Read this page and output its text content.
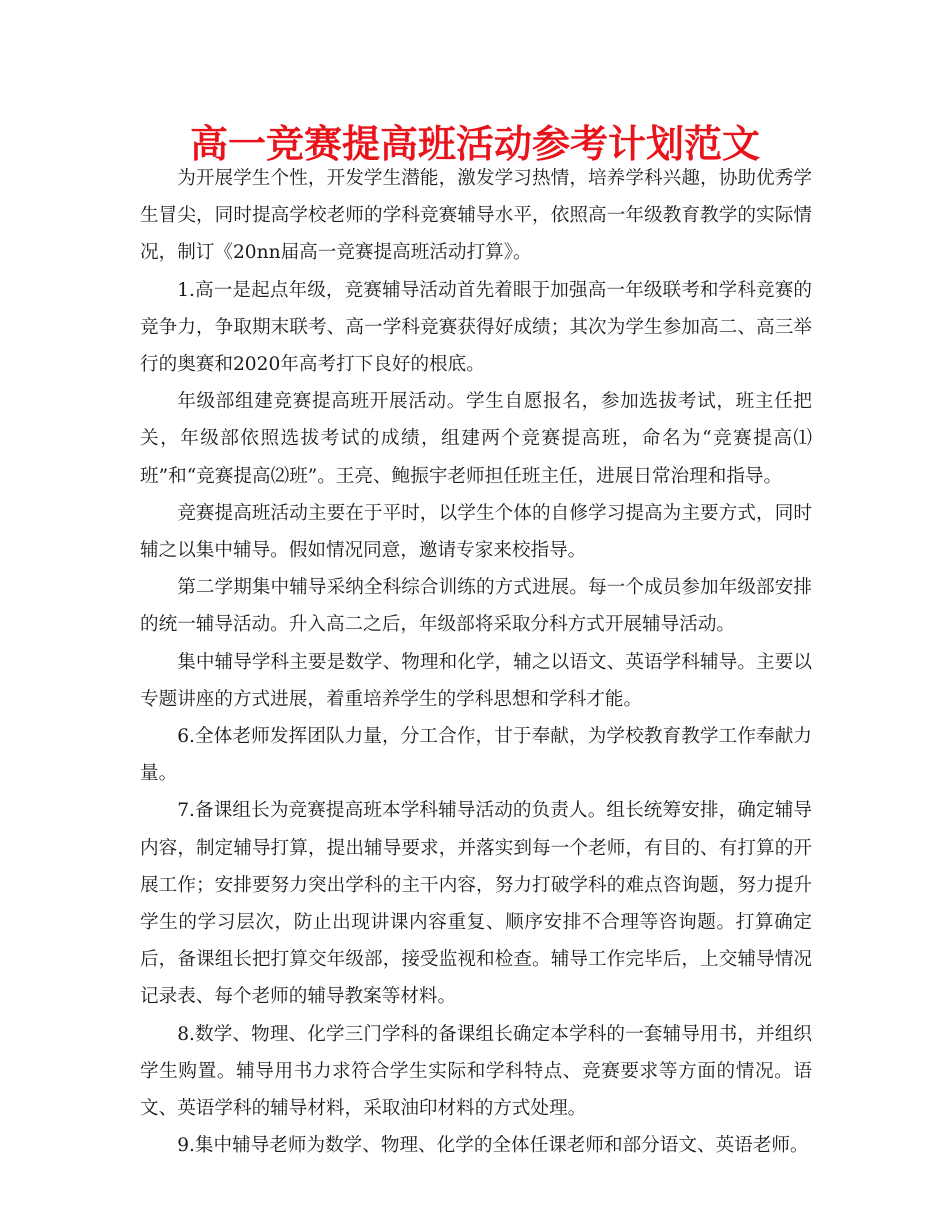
高一竞赛提高班活动参考计划范文

为开展学生个性，开发学生潜能，激发学习热情，培养学科兴趣，协助优秀学生冒尖，同时提高学校老师的学科竞赛辅导水平，依照高一年级教育教学的实际情况，制订《20nn届高一竞赛提高班活动打算》。

1.高一是起点年级，竞赛辅导活动首先着眼于加强高一年级联考和学科竞赛的竞争力，争取期末联考、高一学科竞赛获得好成绩；其次为学生参加高二、高三举行的奥赛和2020年高考打下良好的根底。

年级部组建竞赛提高班开展活动。学生自愿报名，参加选拔考试，班主任把关，年级部依照选拔考试的成绩，组建两个竞赛提高班，命名为“竞赛提高⑴班”和“竞赛提高⑵班”。王亮、鲍振宇老师担任班主任，进展日常治理和指导。

竞赛提高班活动主要在于平时，以学生个体的自修学习提高为主要方式，同时辅之以集中辅导。假如情况同意，邀请专家来校指导。

第二学期集中辅导采纳全科综合训练的方式进展。每一个成员参加年级部安排的统一辅导活动。升入高二之后，年级部将采取分科方式开展辅导活动。

集中辅导学科主要是数学、物理和化学，辅之以语文、英语学科辅导。主要以专题讲座的方式进展，着重培养学生的学科思想和学科才能。

6.全体老师发挥团队力量，分工合作，甘于奉献，为学校教育教学工作奉献力量。

7.备课组长为竞赛提高班本学科辅导活动的负责人。组长统筹安排，确定辅导内容，制定辅导打算，提出辅导要求，并落实到每一个老师，有目的、有打算的开展工作；安排要努力突出学科的主干内容，努力打破学科的难点咨询题，努力提升学生的学习层次，防止出现讲课内容重复、顺序安排不合理等咨询题。打算确定后，备课组长把打算交年级部，接受监视和检查。辅导工作完毕后，上交辅导情况记录表、每个老师的辅导教案等材料。

8.数学、物理、化学三门学科的备课组长确定本学科的一套辅导用书，并组织学生购置。辅导用书力求符合学生实际和学科特点、竞赛要求等方面的情况。语文、英语学科的辅导材料，采取油印材料的方式处理。

9.集中辅导老师为数学、物理、化学的全体任课老师和部分语文、英语老师。
